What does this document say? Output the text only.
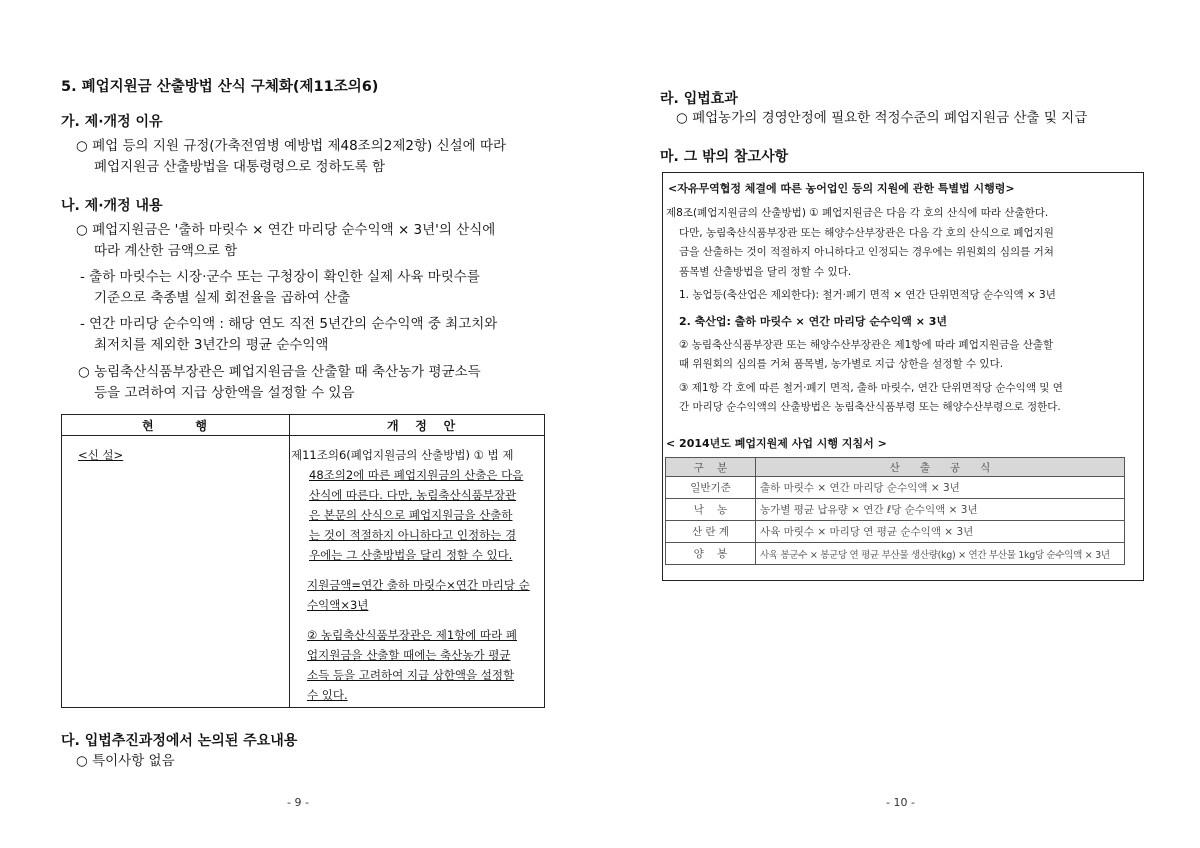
5. 폐업지원금 산출방법 산식 구체화(제11조의6)
가. 제·개정 이유
○ 폐업 등의 지원 규정(가축전염병 예방법 제48조의2제2항) 신설에 따라
폐업지원금 산출방법을 대통령령으로 정하도록 함
나. 제·개정 내용
○ 폐업지원금은 '출하 마릿수 × 연간 마리당 순수익액 × 3년'의 산식에
따라 계산한 금액으로 함
- 출하 마릿수는 시장·군수 또는 구청장이 확인한 실제 사육 마릿수를
기준으로 축종별 실제 회전율을 곱하여 산출
- 연간 마리당 순수익액 : 해당 연도 직전 5년간의 순수익액 중 최고치와
최저치를 제외한 3년간의 평균 순수익액
○ 농림축산식품부장관은 폐업지원금을 산출할 때 축산농가 평균소득
등을 고려하여 지급 상한액을 설정할 수 있음
현          행	개    정    안
<신 설>	제11조의6(폐업지원금의 산출방법) ① 법 제
48조의2에 따른 폐업지원금의 산출은 다음
산식에 따른다. 다만, 농림축산식품부장관
은 본문의 산식으로 폐업지원금을 산출하
는 것이 적절하지 아니하다고 인정하는 경
우에는 그 산출방법을 달리 정할 수 있다.
지원금액=연간 출하 마릿수×연간 마리당 순
수익액×3년
② 농림축산식품부장관은 제1항에 따라 폐
업지원금을 산출할 때에는 축산농가 평균
소득 등을 고려하여 지급 상한액을 설정할
수 있다.
다. 입법추진과정에서 논의된 주요내용
○ 특이사항 없음
- 9 -
라. 입법효과
○ 폐업농가의 경영안정에 필요한 적정수준의 폐업지원금 산출 및 지급
마. 그 밖의 참고사항
<자유무역협정 체결에 따른 농어업인 등의 지원에 관한 특별법 시행령>
제8조(폐업지원금의 산출방법) ① 폐업지원금은 다음 각 호의 산식에 따라 산출한다.
다만, 농림축산식품부장관 또는 해양수산부장관은 다음 각 호의 산식으로 폐업지원
금을 산출하는 것이 적절하지 아니하다고 인정되는 경우에는 위원회의 심의를 거쳐
품목별 산출방법을 달리 정할 수 있다.
1. 농업등(축산업은 제외한다): 철거·폐기 면적 × 연간 단위면적당 순수익액 × 3년
2. 축산업: 출하 마릿수 × 연간 마리당 순수익액 × 3년
② 농림축산식품부장관 또는 해양수산부장관은 제1항에 따라 폐업지원금을 산출할
때 위원회의 심의를 거쳐 품목별, 농가별로 지급 상한을 설정할 수 있다.
③ 제1항 각 호에 따른 철거·폐기 면적, 출하 마릿수, 연간 단위면적당 순수익액 및 연
간 마리당 순수익액의 산출방법은 농림축산식품부령 또는 해양수산부령으로 정한다.
< 2014년도 폐업지원제 사업 시행 지침서 >
구    분	산      출      공      식
일반기준	출하 마릿수 × 연간 마리당 순수익액 × 3년
낙    농	농가별 평균 납유량 × 연간 ℓ당 순수익액 × 3년
산 란 계	사육 마릿수 × 마리당 연 평균 순수익액 × 3년
양    봉	사육 봉군수 × 봉군당 연 평균 부산물 생산량(kg) × 연간 부산물 1kg당 순수익액 × 3년
- 10 -
